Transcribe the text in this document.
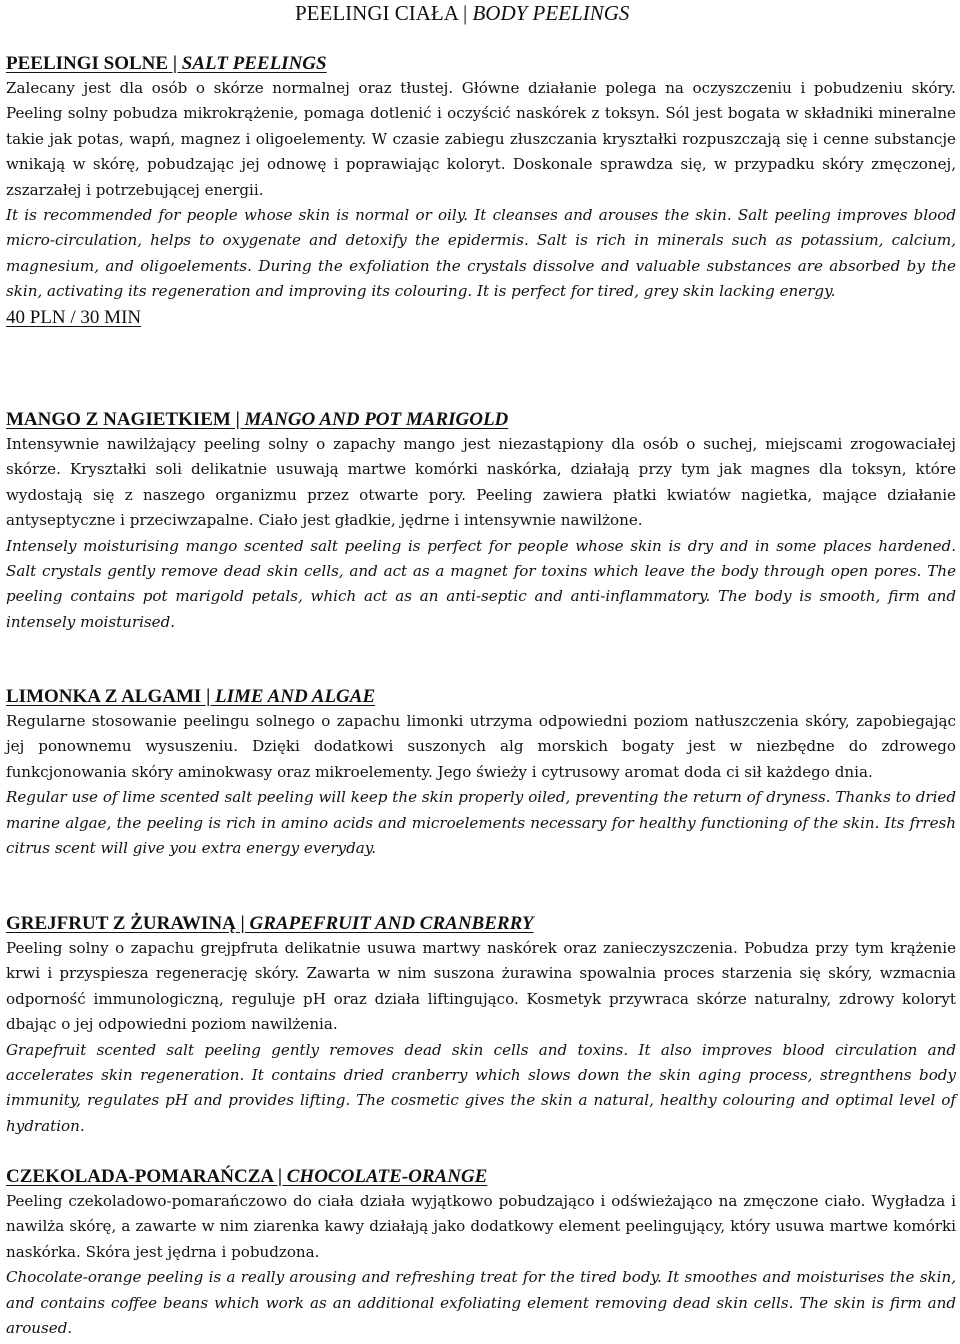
PEELINGI CIAŁA | BODY PEELINGS
PEELINGI SOLNE | SALT PEELINGS

Zalecany jest dla osób o skórze normalnej oraz tłustej. Główne działanie polega na oczyszczeniu i pobudzeniu skóry. Peeling solny pobudza mikrokrążenie, pomaga dotlenić i oczyścić naskórek z toksyn. Sól jest bogata w składniki mineralne takie jak potas, wapń, magnez i oligoelementy. W czasie zabiegu złuszczania kryształki rozpuszczają się i cenne substancje wnikają w skórę, pobudzając jej odnowę i poprawiając koloryt. Doskonale sprawdza się, w przypadku skóry zmęczonej, zszarzałej i potrzebującej energii.

It is recommended for people whose skin is normal or oily. It cleanses and arouses the skin. Salt peeling improves blood micro-circulation, helps to oxygenate and detoxify the epidermis. Salt is rich in minerals such as potassium, calcium, magnesium, and oligoelements. During the exfoliation the crystals dissolve and valuable substances are absorbed by the skin, activating its regeneration and improving its colouring. It is perfect for tired, grey skin lacking energy.

40 PLN / 30 MIN

MANGO Z NAGIETKIEM | MANGO AND POT MARIGOLD

Intensywnie nawilżający peeling solny o zapachy mango jest niezastąpiony dla osób o suchej, miejscami zrogowaciałej skórze. Kryształki soli delikatnie usuwają martwe komórki naskórka, działają przy tym jak magnes dla toksyn, które wydostają się z naszego organizmu przez otwarte pory. Peeling zawiera płatki kwiatów nagietka, mające działanie antyseptyczne i przeciwzapalne. Ciało jest gładkie, jędrne i intensywnie nawilżone.

Intensely moisturising mango scented salt peeling is perfect for people whose skin is dry and in some places hardened. Salt crystals gently remove dead skin cells, and act as a magnet for toxins which leave the body through open pores. The peeling contains pot marigold petals, which act as an anti-septic and anti-inflammatory. The body is smooth, firm and intensely moisturised.

LIMONKA Z ALGAMI | LIME AND ALGAE

Regularne stosowanie peelingu solnego o zapachu limonki utrzyma odpowiedni poziom natłuszczenia skóry, zapobiegając jej ponownemu wysuszeniu. Dzięki dodatkowi suszonych alg morskich bogaty jest w niezbędne do zdrowego funkcjonowania skóry aminokwasy oraz mikroelementy. Jego świeży i cytrusowy aromat doda ci sił każdego dnia.

Regular use of lime scented salt peeling will keep the skin properly oiled, preventing the return of dryness. Thanks to dried marine algae, the peeling is rich in amino acids and microelements necessary for healthy functioning of the skin. Its frresh citrus scent will give you extra energy everyday.

GREJFRUT Z ŻURAWINĄ | GRAPEFRUIT AND CRANBERRY

Peeling solny o zapachu grejpfruta delikatnie usuwa martwy naskórek oraz zanieczyszczenia. Pobudza przy tym krążenie krwi i przyspiesza regenerację skóry. Zawarta w nim suszona żurawina spowalnia proces starzenia się skóry, wzmacnia odporność immunologiczną, reguluje pH oraz działa liftingująco. Kosmetyk przywraca skórze naturalny, zdrowy koloryt dbając o jej odpowiedni poziom nawilżenia.

Grapefruit scented salt peeling gently removes dead skin cells and toxins. It also improves blood circulation and accelerates skin regeneration. It contains dried cranberry which slows down the skin aging process, stregnthens body immunity, regulates pH and provides lifting. The cosmetic gives the skin a natural, healthy colouring and optimal level of hydration.

CZEKOLADA-POMARAŃCZA | CHOCOLATE-ORANGE

Peeling czekoladowo-pomarańczowo do ciała działa wyjątkowo pobudzająco i odświeżająco na zmęczone ciało. Wygładza i nawilża skórę, a zawarte w nim ziarenka kawy działają jako dodatkowy element peelingujący, który usuwa martwe komórki naskórka. Skóra jest jędrna i pobudzona.

Chocolate-orange peeling is a really arousing and refreshing treat for the tired body. It smoothes and moisturises the skin, and contains coffee beans which work as an additional exfoliating element removing dead skin cells. The skin is firm and aroused.
